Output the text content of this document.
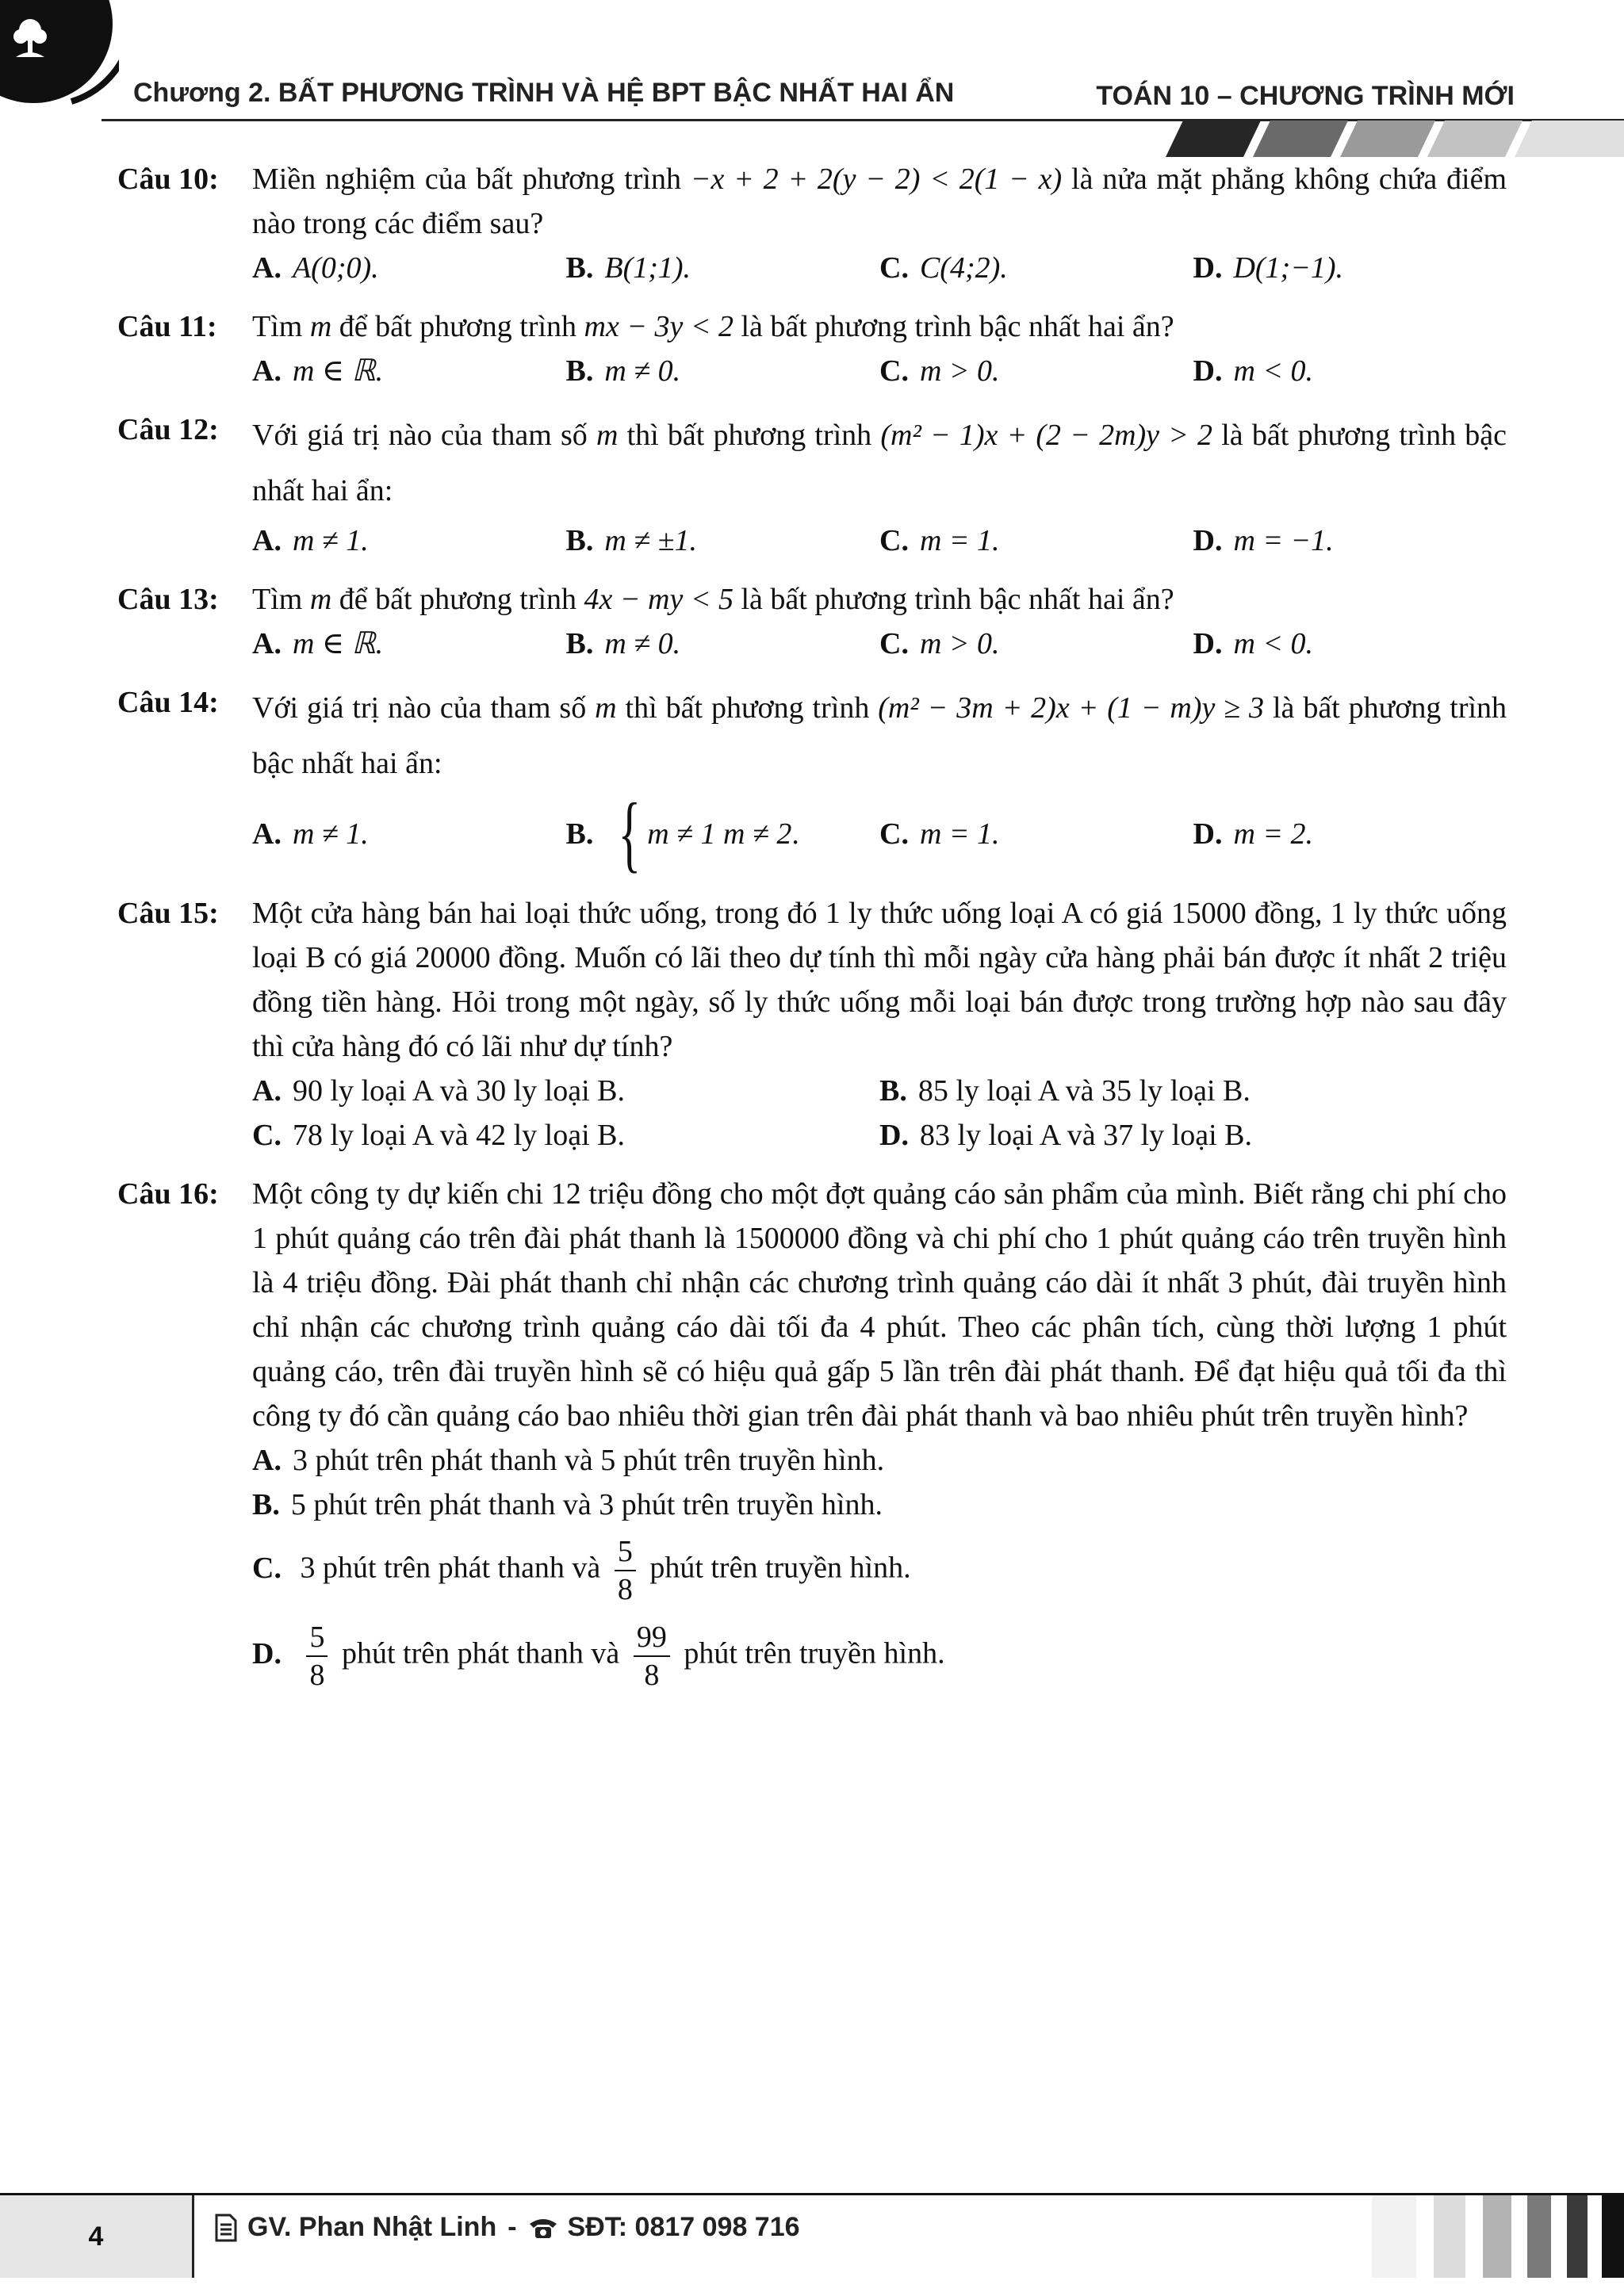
Chương 2. BẤT PHƯƠNG TRÌNH VÀ HỆ BPT BẬC NHẤT HAI ẨN	TOÁN 10 – CHƯƠNG TRÌNH MỚI
Câu 10:	Miền nghiệm của bất phương trình −x + 2 + 2(y − 2) < 2(1 − x) là nửa mặt phẳng không chứa điểm nào trong các điểm sau?
A. A(0;0).	B. B(1;1).	C. C(4;2).	D. D(1;−1).
Câu 11:	Tìm m để bất phương trình mx − 3y < 2 là bất phương trình bậc nhất hai ẩn?
A. m ∈ ℝ.	B. m ≠ 0.	C. m > 0.	D. m < 0.
Câu 12:	Với giá trị nào của tham số m thì bất phương trình (m² − 1)x + (2 − 2m)y > 2 là bất phương trình bậc nhất hai ẩn:
A. m ≠ 1.	B. m ≠ ±1.	C. m = 1.	D. m = −1.
Câu 13:	Tìm m để bất phương trình 4x − my < 5 là bất phương trình bậc nhất hai ẩn?
A. m ∈ ℝ.	B. m ≠ 0.	C. m > 0.	D. m < 0.
Câu 14:	Với giá trị nào của tham số m thì bất phương trình (m² − 3m + 2)x + (1 − m)y ≥ 3 là bất phương trình bậc nhất hai ẩn:
A. m ≠ 1.	B. { m ≠ 1 m ≠ 2 .	C. m = 1.	D. m = 2.
Câu 15:	Một cửa hàng bán hai loại thức uống, trong đó 1 ly thức uống loại A có giá 15000 đồng, 1 ly thức uống loại B có giá 20000 đồng. Muốn có lãi theo dự tính thì mỗi ngày cửa hàng phải bán được ít nhất 2 triệu đồng tiền hàng. Hỏi trong một ngày, số ly thức uống mỗi loại bán được trong trường hợp nào sau đây thì cửa hàng đó có lãi như dự tính?
A. 90 ly loại A và 30 ly loại B.	B. 85 ly loại A và 35 ly loại B.
C. 78 ly loại A và 42 ly loại B.	D. 83 ly loại A và 37 ly loại B.
Câu 16:	Một công ty dự kiến chi 12 triệu đồng cho một đợt quảng cáo sản phẩm của mình. Biết rằng chi phí cho 1 phút quảng cáo trên đài phát thanh là 1500000 đồng và chi phí cho 1 phút quảng cáo trên truyền hình là 4 triệu đồng. Đài phát thanh chỉ nhận các chương trình quảng cáo dài ít nhất 3 phút, đài truyền hình chỉ nhận các chương trình quảng cáo dài tối đa 4 phút. Theo các phân tích, cùng thời lượng 1 phút quảng cáo, trên đài truyền hình sẽ có hiệu quả gấp 5 lần trên đài phát thanh. Để đạt hiệu quả tối đa thì công ty đó cần quảng cáo bao nhiêu thời gian trên đài phát thanh và bao nhiêu phút trên truyền hình?
A. 3 phút trên phát thanh và 5 phút trên truyền hình.
B. 5 phút trên phát thanh và 3 phút trên truyền hình.
C. 3 phút trên phát thanh và $\frac{5}{8}$ phút trên truyền hình.
D. $\frac{5}{8}$ phút trên phát thanh và $\frac{99}{8}$ phút trên truyền hình.
4	GV. Phan Nhật Linh - SĐT: 0817 098 716
